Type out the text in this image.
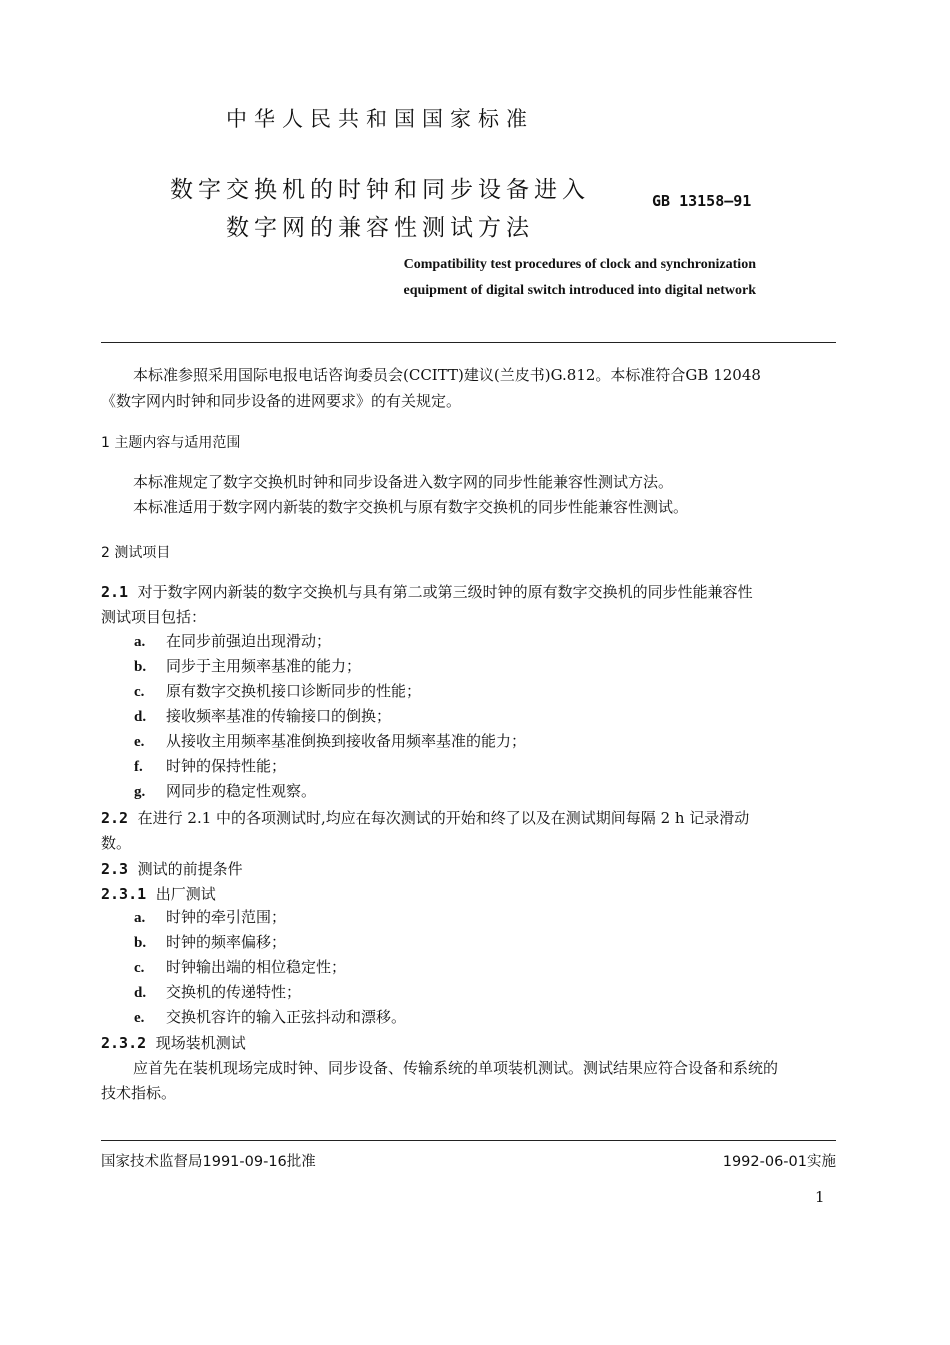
中华人民共和国国家标准
数字交换机的时钟和同步设备进入
数字网的兼容性测试方法
GB 13158—91
Compatibility test procedures of clock and synchronization
equipment of digital switch introduced into digital network
本标准参照采用国际电报电话咨询委员会(CCITT)建议(兰皮书)G.812。本标准符合GB 12048
《数字网内时钟和同步设备的进网要求》的有关规定。
1 主题内容与适用范围
本标准规定了数字交换机时钟和同步设备进入数字网的同步性能兼容性测试方法。
本标准适用于数字网内新装的数字交换机与原有数字交换机的同步性能兼容性测试。
2 测试项目
2.1 对于数字网内新装的数字交换机与具有第二或第三级时钟的原有数字交换机的同步性能兼容性
测试项目包括：
a. 在同步前强迫出现滑动；
b. 同步于主用频率基准的能力；
c. 原有数字交换机接口诊断同步的性能；
d. 接收频率基准的传输接口的倒换；
e. 从接收主用频率基准倒换到接收备用频率基准的能力；
f. 时钟的保持性能；
g. 网同步的稳定性观察。
2.2 在进行 2.1 中的各项测试时,均应在每次测试的开始和终了以及在测试期间每隔 2 h 记录滑动
数。
2.3 测试的前提条件
2.3.1 出厂测试
a. 时钟的牵引范围；
b. 时钟的频率偏移；
c. 时钟输出端的相位稳定性；
d. 交换机的传递特性；
e. 交换机容许的输入正弦抖动和漂移。
2.3.2 现场装机测试
应首先在装机现场完成时钟、同步设备、传输系统的单项装机测试。测试结果应符合设备和系统的
技术指标。
国家技术监督局1991-09-16批准	1992-06-01实施
1
